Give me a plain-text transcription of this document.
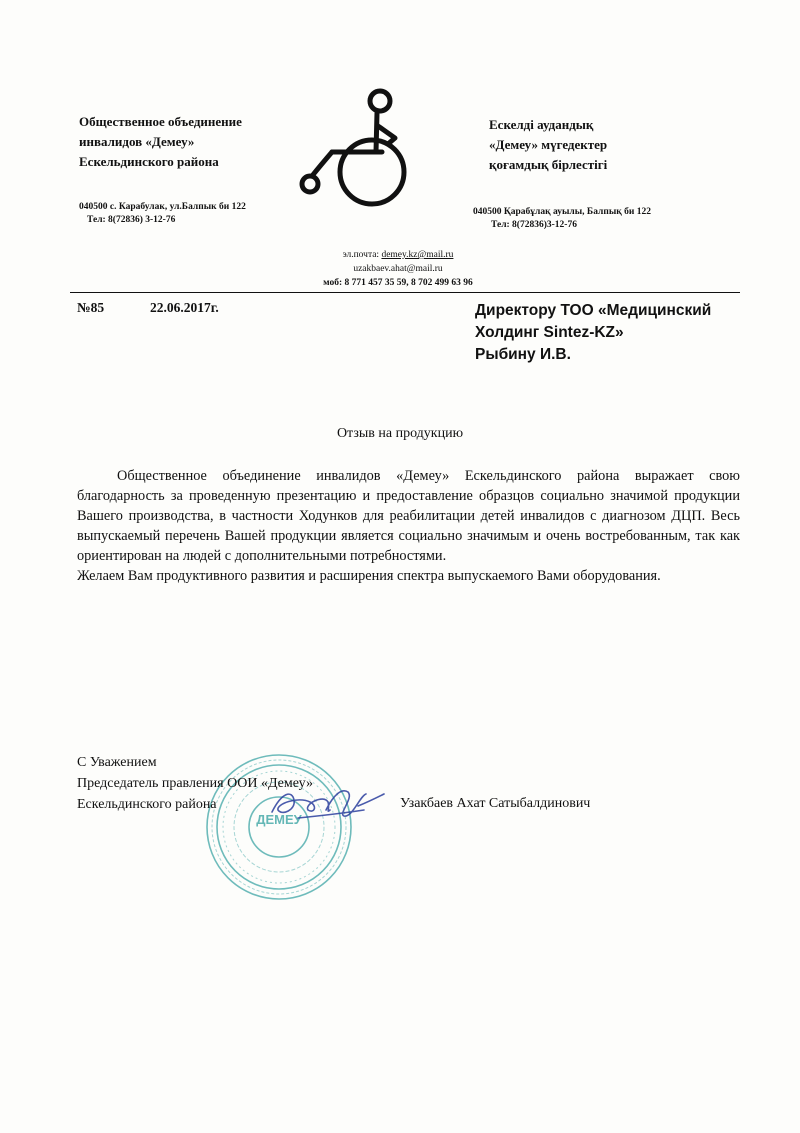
Общественное объединение
инвалидов «Демеу»
Ескельдинского района
040500 с. Карабулак, ул.Балпык би 122
Тел: 8(72836) 3-12-76
Ескелді аудандық
«Демеу» мүгедектер
қоғамдық бірлестігі
040500 Қарабұлақ ауылы, Балпық би 122
Тел: 8(72836)3-12-76
эл.почта: demey.kz@mail.ru
uzakbaev.ahat@mail.ru
моб: 8 771 457 35 59, 8 702 499 63 96
№85	22.06.2017г.	Директору ТОО «Медицинский
Холдинг Sintez-KZ»
Рыбину И.В.
Отзыв на продукцию

Общественное объединение инвалидов «Демеу» Ескельдинского района выражает свою благодарность за проведенную презентацию и предоставление образцов социально значимой продукции Вашего производства, в частности Ходунков для реабилитации детей инвалидов с диагнозом ДЦП. Весь выпускаемый перечень Вашей продукции является социально значимым и очень востребованным, так как ориентирован на людей с дополнительными потребностями.

Желаем Вам продуктивного развития и расширения спектра выпускаемого Вами оборудования.

ДЕМЕУ
С Уважением
Председатель правления ООИ «Демеу»
Ескельдинского района	Узакбаев Ахат Сатыбалдинович
